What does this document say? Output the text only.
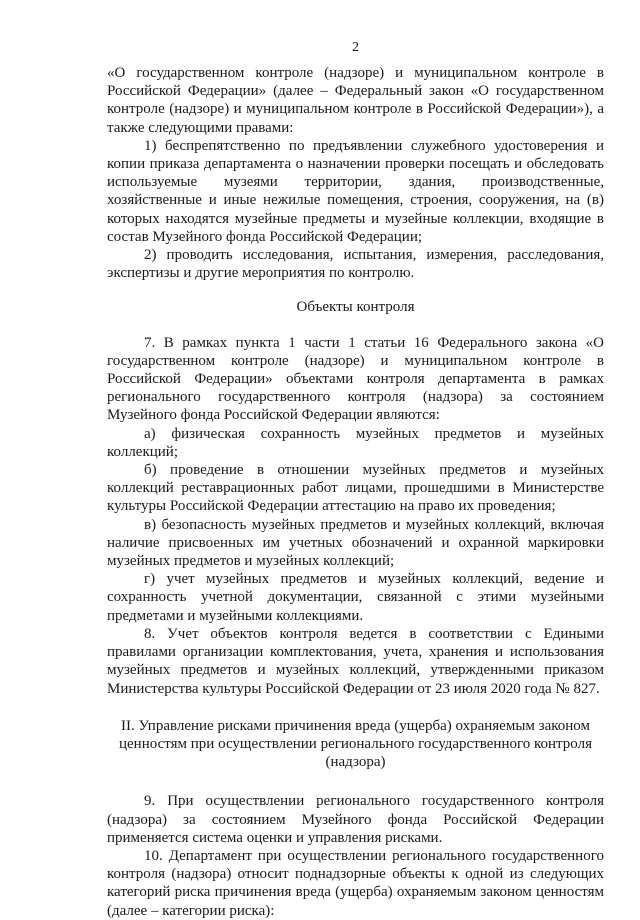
2

«О государственном контроле (надзоре) и муниципальном контроле в Российской Федерации» (далее – Федеральный закон «О государственном контроле (надзоре) и муниципальном контроле в Российской Федерации»), а также следующими правами:

1) беспрепятственно по предъявлении служебного удостоверения и копии приказа департамента о назначении проверки посещать и обследовать используемые музеями территории, здания, производственные, хозяйственные и иные нежилые помещения, строения, сооружения, на (в) которых находятся музейные предметы и музейные коллекции, входящие в состав Музейного фонда Российской Федерации;

2) проводить исследования, испытания, измерения, расследования, экспертизы и другие мероприятия по контролю.

Объекты контроля

7. В рамках пункта 1 части 1 статьи 16 Федерального закона «О государственном контроле (надзоре) и муниципальном контроле в Российской Федерации» объектами контроля департамента в рамках регионального государственного контроля (надзора) за состоянием Музейного фонда Российской Федерации являются:

а) физическая сохранность музейных предметов и музейных коллекций;

б) проведение в отношении музейных предметов и музейных коллекций реставрационных работ лицами, прошедшими в Министерстве культуры Российской Федерации аттестацию на право их проведения;

в) безопасность музейных предметов и музейных коллекций, включая наличие присвоенных им учетных обозначений и охранной маркировки музейных предметов и музейных коллекций;

г) учет музейных предметов и музейных коллекций, ведение и сохранность учетной документации, связанной с этими музейными предметами и музейными коллекциями.

8. Учет объектов контроля ведется в соответствии с Едиными правилами организации комплектования, учета, хранения и использования музейных предметов и музейных коллекций, утвержденными приказом Министерства культуры Российской Федерации от 23 июля 2020 года № 827.

II. Управление рисками причинения вреда (ущерба) охраняемым законом ценностям при осуществлении регионального государственного контроля (надзора)

9. При осуществлении регионального государственного контроля (надзора) за состоянием Музейного фонда Российской Федерации применяется система оценки и управления рисками.

10. Департамент при осуществлении регионального государственного контроля (надзора) относит поднадзорные объекты к одной из следующих категорий риска причинения вреда (ущерба) охраняемым законом ценностям (далее – категории риска):
